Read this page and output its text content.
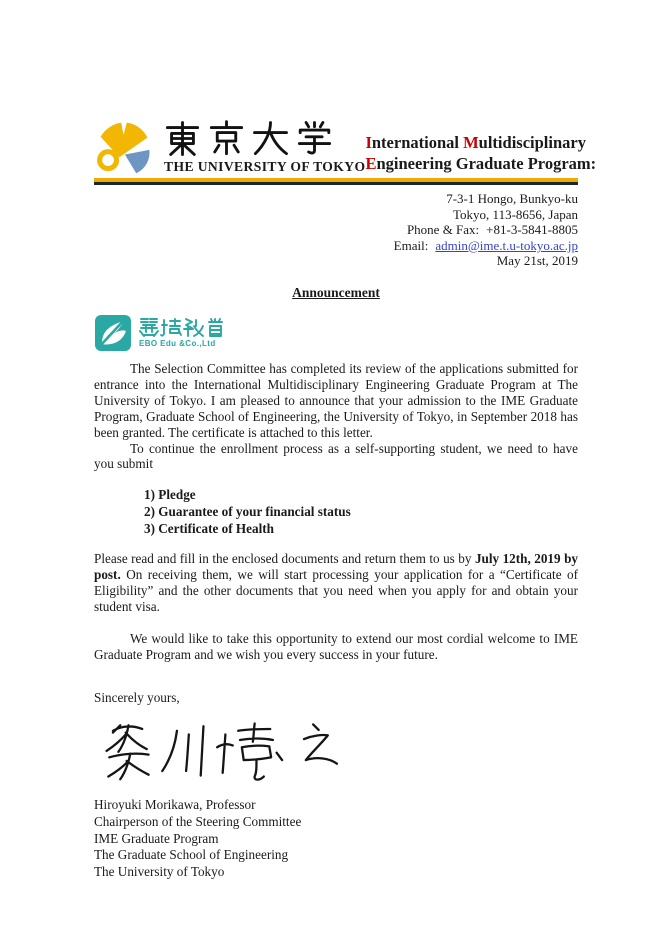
THE UNIVERSITY OF TOKYO
International Multidisciplinary
Engineering Graduate Program:
7-3-1 Hongo, Bunkyo-ku
Tokyo, 113-8656, Japan
Phone & Fax: +81-3-5841-8805
Email: admin@ime.t.u-tokyo.ac.jp
May 21st, 2019
Announcement
EBO Edu &Co.,Ltd

The Selection Committee has completed its review of the applications submitted for entrance into the International Multidisciplinary Engineering Graduate Program at The University of Tokyo. I am pleased to announce that your admission to the IME Graduate Program, Graduate School of Engineering, the University of Tokyo, in September 2018 has been granted. The certificate is attached to this letter.

To continue the enrollment process as a self-supporting student, we need to have you submit

1) Pledge
2) Guarantee of your financial status
3) Certificate of Health

Please read and fill in the enclosed documents and return them to us by July 12th, 2019 by post. On receiving them, we will start processing your application for a “Certificate of Eligibility” and the other documents that you need when you apply for and obtain your student visa.

We would like to take this opportunity to extend our most cordial welcome to IME Graduate Program and we wish you every success in your future.

Sincerely yours,

Hiroyuki Morikawa, Professor
Chairperson of the Steering Committee
IME Graduate Program
The Graduate School of Engineering
The University of Tokyo
